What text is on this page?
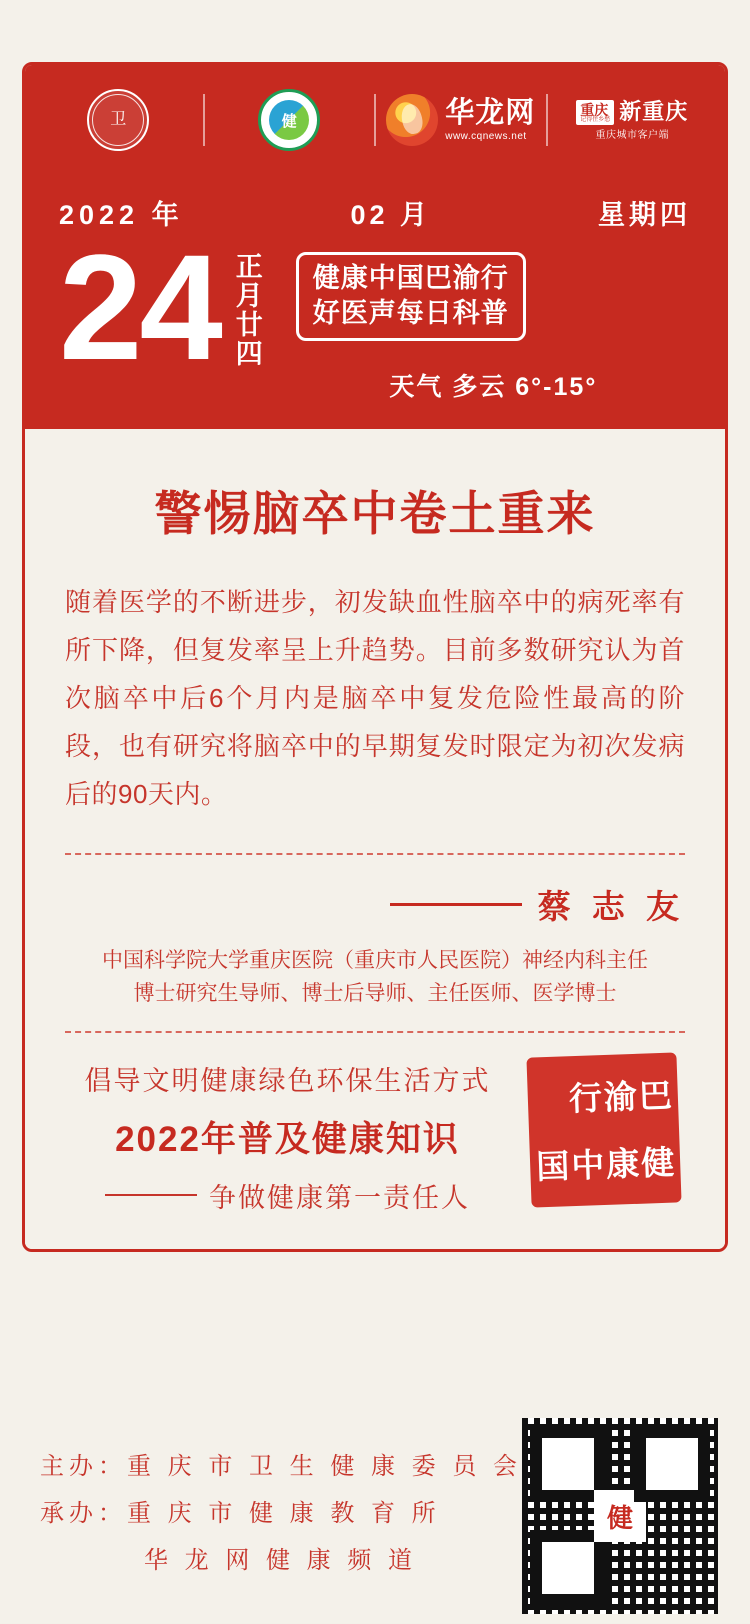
卫	健	华龙网
www.cqnews.net
重庆
记得住乡愁 新重庆
重庆城市客户端
2022 年	02 月	星期四
24 正月廿四 健康中国巴渝行
好医声每日科普
天气 多云 6°-15°
警惕脑卒中卷土重来
随着医学的不断进步，初发缺血性脑卒中的病死率有所下降，但复发率呈上升趋势。目前多数研究认为首次脑卒中后6个月内是脑卒中复发危险性最高的阶段，也有研究将脑卒中的早期复发时限定为初次发病后的90天内。
蔡 志 友
中国科学院大学重庆医院（重庆市人民医院）神经内科主任
博士研究生导师、博士后导师、主任医师、医学博士
倡导文明健康绿色环保生活方式
2022年普及健康知识
争做健康第一责任人
巴渝行
健康中国
主办：重 庆 市 卫 生 健 康 委 员 会
承办：重 庆 市 健 康 教 育 所
华 龙 网 健 康 频 道
健
